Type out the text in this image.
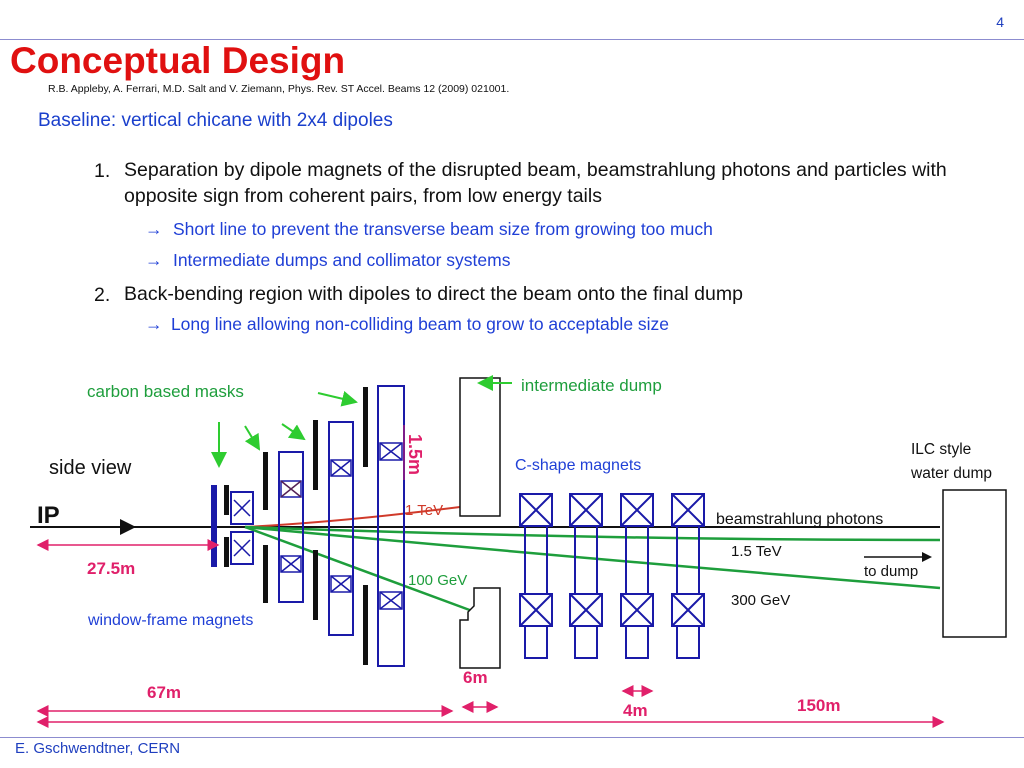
4
Conceptual Design
R.B. Appleby, A. Ferrari, M.D. Salt and V. Ziemann, Phys. Rev. ST Accel. Beams 12 (2009) 021001.
Baseline: vertical chicane with 2x4 dipoles
1. Separation by dipole magnets of the disrupted beam, beamstrahlung photons and particles with opposite sign from coherent pairs, from low energy tails
→ Short line to prevent the transverse beam size from growing too much
→ Intermediate dumps and collimator systems
2. Back-bending region with dipoles to direct the beam onto the final dump
→ Long line allowing non-colliding beam to grow to acceptable size
carbon based masks	intermediate dump
ILC style
water dump
side view	C-shape magnets
window-frame magnets
IP
1.5m
1 TeV
100 GeV
1.5 TeV
300 GeV
beamstrahlung photons
to dump
27.5m
67m
6m
4m	150m
E. Gschwendtner, CERN
